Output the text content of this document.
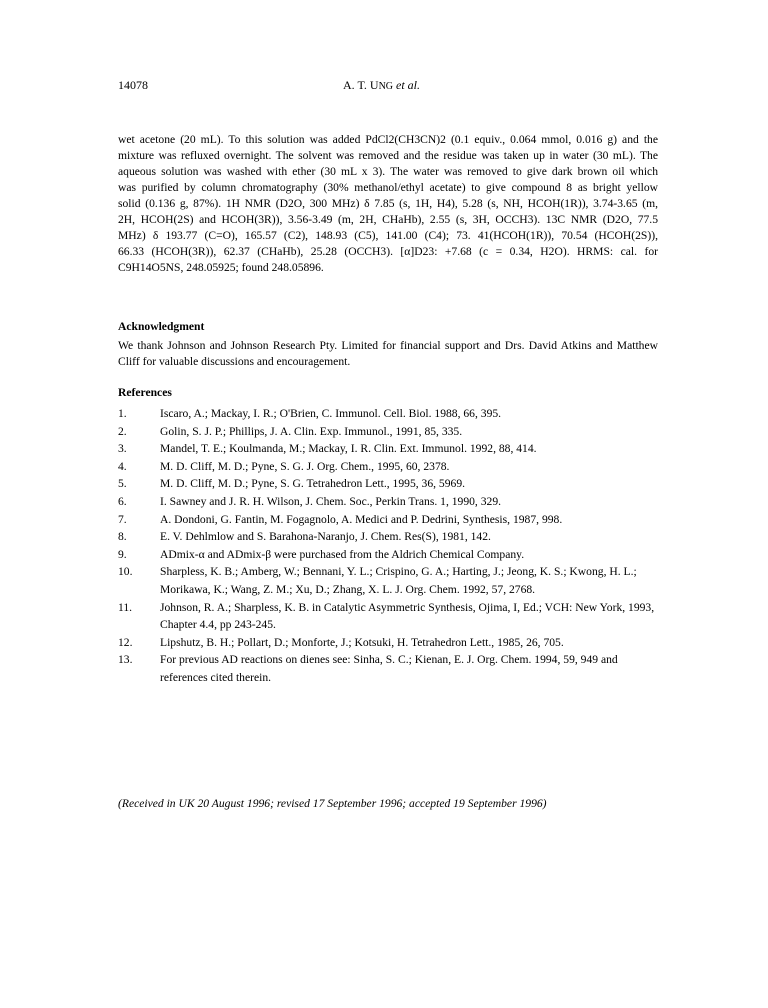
14078	A. T. UNG et al.
wet acetone (20 mL). To this solution was added PdCl2(CH3CN)2 (0.1 equiv., 0.064 mmol, 0.016 g) and the
mixture was refluxed overnight. The solvent was removed and the residue was taken up in water (30 mL). The
aqueous solution was washed with ether (30 mL x 3). The water was removed to give dark brown oil which
was purified by column chromatography (30% methanol/ethyl acetate) to give compound 8 as bright yellow
solid (0.136 g, 87%). 1H NMR (D2O, 300 MHz) δ 7.85 (s, 1H, H4), 5.28 (s, NH, HCOH(1R)), 3.74-3.65 (m,
2H, HCOH(2S) and HCOH(3R)), 3.56-3.49 (m, 2H, CHaHb), 2.55 (s, 3H, OCCH3). 13C NMR (D2O, 77.5
MHz) δ 193.77 (C=O), 165.57 (C2), 148.93 (C5), 141.00 (C4); 73. 41(HCOH(1R)), 70.54 (HCOH(2S)),
66.33 (HCOH(3R)), 62.37 (CHaHb), 25.28 (OCCH3). [α]D23: +7.68 (c = 0.34, H2O). HRMS: cal. for
C9H14O5NS, 248.05925; found 248.05896.
Acknowledgment
We thank Johnson and Johnson Research Pty. Limited for financial support and Drs. David Atkins and Matthew Cliff for valuable discussions and encouragement.
References
1.	Iscaro, A.; Mackay, I. R.; O'Brien, C. Immunol. Cell. Biol. 1988, 66, 395.
2.	Golin, S. J. P.; Phillips, J. A. Clin. Exp. Immunol., 1991, 85, 335.
3.	Mandel, T. E.; Koulmanda, M.; Mackay, I. R. Clin. Ext. Immunol. 1992, 88, 414.
4.	M. D. Cliff, M. D.; Pyne, S. G. J. Org. Chem., 1995, 60, 2378.
5.	M. D. Cliff, M. D.; Pyne, S. G. Tetrahedron Lett., 1995, 36, 5969.
6.	I. Sawney and J. R. H. Wilson, J. Chem. Soc., Perkin Trans. 1, 1990, 329.
7.	A. Dondoni, G. Fantin, M. Fogagnolo, A. Medici and P. Dedrini, Synthesis, 1987, 998.
8.	E. V. Dehlmlow and S. Barahona-Naranjo, J. Chem. Res(S), 1981, 142.
9.	ADmix-α and ADmix-β were purchased from the Aldrich Chemical Company.
10. Sharpless, K. B.; Amberg, W.; Bennani, Y. L.; Crispino, G. A.; Harting, J.; Jeong, K. S.; Kwong, H. L.; Morikawa, K.; Wang, Z. M.; Xu, D.; Zhang, X. L. J. Org. Chem. 1992, 57, 2768.
11. Johnson, R. A.; Sharpless, K. B. in Catalytic Asymmetric Synthesis, Ojima, I, Ed.; VCH: New York, 1993, Chapter 4.4, pp 243-245.
12. Lipshutz, B. H.; Pollart, D.; Monforte, J.; Kotsuki, H. Tetrahedron Lett., 1985, 26, 705.
13. For previous AD reactions on dienes see: Sinha, S. C.; Kienan, E. J. Org. Chem. 1994, 59, 949 and references cited therein.
(Received in UK 20 August 1996; revised 17 September 1996; accepted 19 September 1996)
